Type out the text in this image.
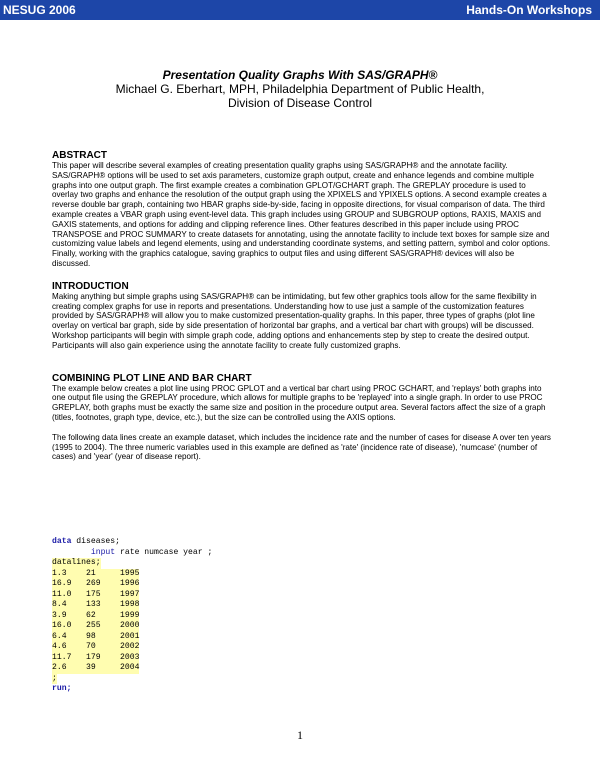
NESUG 2006	Hands-On Workshops
Presentation Quality Graphs With SAS/GRAPH®
Michael G. Eberhart, MPH, Philadelphia Department of Public Health,
Division of Disease Control
ABSTRACT

This paper will describe several examples of creating presentation quality graphs using SAS/GRAPH® and the annotate facility. SAS/GRAPH® options will be used to set axis parameters, customize graph output, create and enhance legends and combine multiple graphs into one output graph. The first example creates a combination GPLOT/GCHART graph. The GREPLAY procedure is used to overlay two graphs and enhance the resolution of the output graph using the XPIXELS and YPIXELS options. A second example creates a reverse double bar graph, containing two HBAR graphs side-by-side, facing in opposite directions, for visual comparison of data. The third example creates a VBAR graph using event-level data. This graph includes using GROUP and SUBGROUP options, RAXIS, MAXIS and GAXIS statements, and options for adding and clipping reference lines. Other features described in this paper include using PROC TRANSPOSE and PROC SUMMARY to create datasets for annotating, using the annotate facility to include text boxes for sample size and customizing value labels and legend elements, using and understanding coordinate systems, and setting pattern, symbol and color options. Finally, working with the graphics catalogue, saving graphics to output files and using different SAS/GRAPH® devices will also be discussed.

INTRODUCTION

Making anything but simple graphs using SAS/GRAPH® can be intimidating, but few other graphics tools allow for the same flexibility in creating complex graphs for use in reports and presentations. Understanding how to use just a sample of the customization features provided by SAS/GRAPH® will allow you to make customized presentation-quality graphs. In this paper, three types of graphs (plot line overlay on vertical bar graph, side by side presentation of horizontal bar graphs, and a vertical bar chart with groups) will be discussed. Workshop participants will begin with simple graph code, adding options and enhancements step by step to create the desired output. Participants will also gain experience using the annotate facility to create fully customized graphs.

COMBINING PLOT LINE AND BAR CHART

The example below creates a plot line using PROC GPLOT and a vertical bar chart using PROC GCHART, and 'replays' both graphs into one output file using the GREPLAY procedure, which allows for multiple graphs to be 'replayed' into a single graph. In order to use PROC GREPLAY, both graphs must be exactly the same size and position in the procedure output area. Several factors affect the size of a graph (titles, footnotes, graph type, device, etc.), but the size can be controlled using the AXIS options.

The following data lines create an example dataset, which includes the incidence rate and the number of cases for disease A over ten years (1995 to 2004). The three numeric variables used in this example are defined as 'rate' (incidence rate of disease), 'numcase' (number of cases) and 'year' (year of disease report).

data diseases;
input rate numcase year ;
datalines;
1.3    21     1995
16.9   269    1996
11.0   175    1997
8.4    133    1998
3.9    62     1999
16.0   255    2000
6.4    98     2001
4.6    70     2002
11.7   179    2003
2.6    39     2004
;
run;
1
